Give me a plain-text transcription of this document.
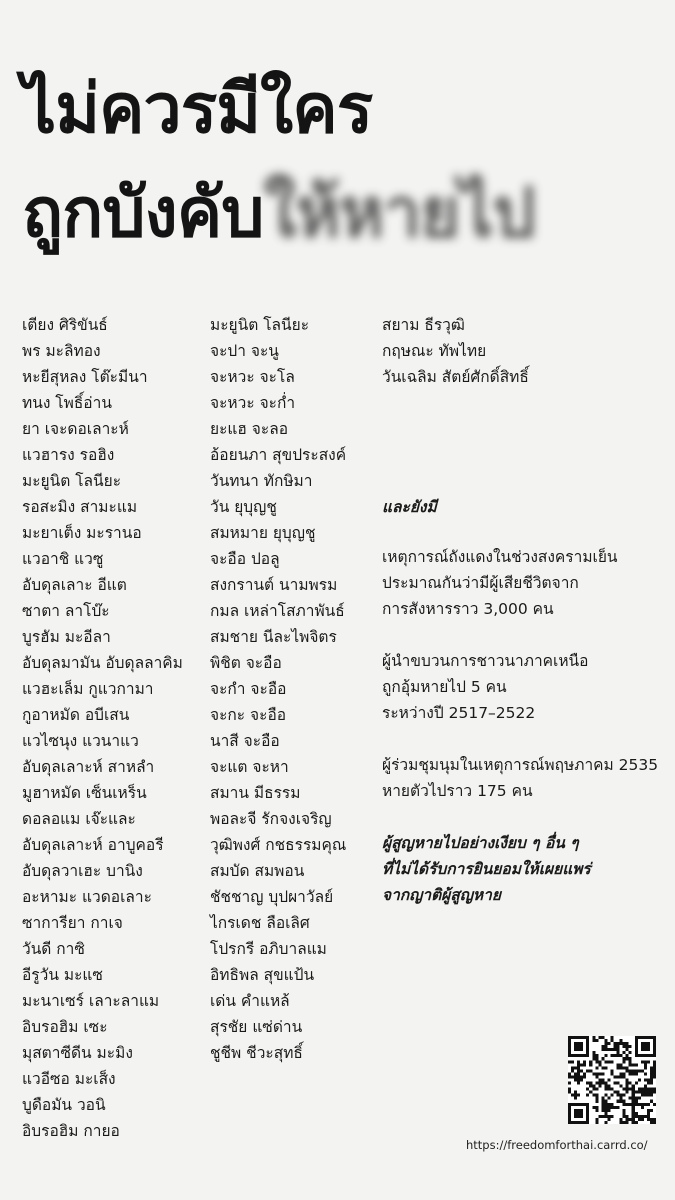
ไม่ควรมีใคร
ถูกบังคับให้หายไป
เตียง ศิริขันธ์
พร มะลิทอง
หะยีสุหลง โต๊ะมีนา
ทนง โพธิ์อ่าน
ยา เจะดอเลาะห์
แวฮารง รอฮิง
มะยูนิต โลนียะ
รอสะมิง สามะแม
มะยาเต็ง มะรานอ
แวอาชิ แวซู
อับดุลเลาะ อีแต
ซาตา ลาโบ๊ะ
บูรฮัม มะอีลา
อับดุลมามัน อับดุลลาคิม
แวฮะเล็ม กูแวกามา
กูอาหมัด อบีเสน
แวไซนุง แวนาแว
อับดุลเลาะห์ สาหลำ
มูฮาหมัด เซ็นเหร็น
ดอลอแม เจ๊ะและ
อับดุลเลาะห์ อาบูคอรี
อับดุลวาเฮะ บานิง
อะหามะ แวดอเลาะ
ซาการียา กาเจ
วันดี กาซิ
อีรูวัน มะแซ
มะนาเซร์ เลาะลาแม
อิบรอฮิม เซะ
มุสตาซีดีน มะมิง
แวอีซอ มะเส็ง
บูดือมัน วอนิ
อิบรอฮิม กายอ
มะยูนิต โลนียะ
จะปา จะนู
จะหวะ จะโล
จะหวะ จะก่ำ
ยะแฮ จะลอ
อ้อยนภา สุขประสงค์
วันทนา ทักษิมา
วัน ยุบุญชู
สมหมาย ยุบุญชู
จะอือ ปอลู
สงกรานต์ นามพรม
กมล เหล่าโสภาพันธ์
สมชาย นีละไพจิตร
พิชิต จะอือ
จะกำ จะอือ
จะกะ จะอือ
นาสี จะอือ
จะแต จะหา
สมาน มีธรรม
พอละจี รักจงเจริญ
วุฒิพงศ์ กชธรรมคุณ
สมบัด สมพอน
ชัชชาญ บุปผาวัลย์
ไกรเดช ลือเลิศ
โปรกรี อภิบาลแม
อิทธิพล สุขแป้น
เด่น คำแหล้
สุรชัย แซ่ด่าน
ชูชีพ ชีวะสุทธิ์
สยาม ธีรวุฒิ
กฤษณะ ทัพไทย
วันเฉลิม สัตย์ศักดิ์สิทธิ์
และยังมี
เหตุการณ์ถังแดงในช่วงสงครามเย็น
ประมาณกันว่ามีผู้เสียชีวิตจาก
การสังหารราว 3,000 คน
ผู้นำขบวนการชาวนาภาคเหนือ
ถูกอุ้มหายไป 5 คน
ระหว่างปี 2517–2522
ผู้ร่วมชุมนุมในเหตุการณ์พฤษภาคม 2535
หายตัวไปราว 175 คน
ผู้สูญหายไปอย่างเงียบ ๆ อื่น ๆ
ที่ไม่ได้รับการยินยอมให้เผยแพร่
จากญาติผู้สูญหาย
https://freedomforthai.carrd.co/
